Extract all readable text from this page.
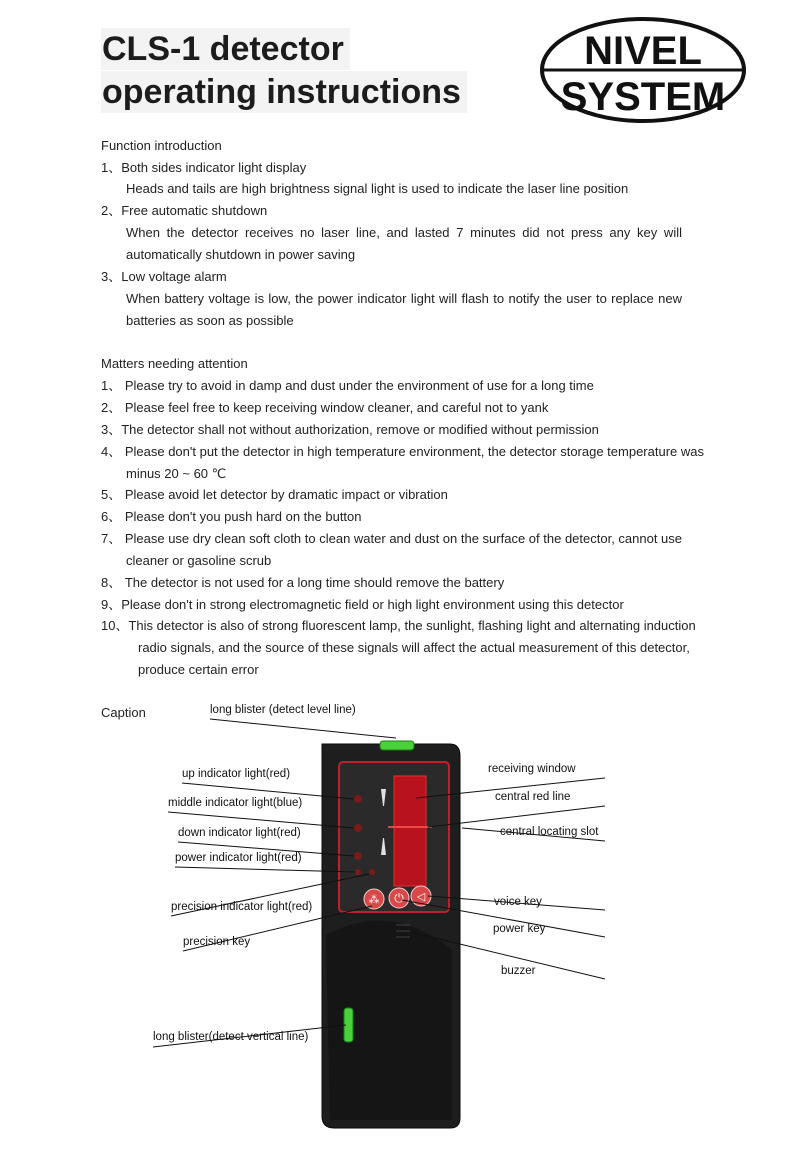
CLS-1 detector
operating instructions
NIVEL
SYSTEM
Function introduction
1、Both sides indicator light display
Heads and tails are high brightness signal light is used to indicate the laser line position
2、Free automatic shutdown
When the detector receives no laser line, and lasted 7 minutes did not press any key will
automatically shutdown in power saving
3、Low voltage alarm
When battery voltage is low, the power indicator light will flash to notify the user to replace new
batteries as soon as possible
Matters needing attention
1、 Please try to avoid in damp and dust under the environment of use for a long time
2、 Please feel free to keep receiving window cleaner, and careful not to yank
3、The detector shall not without authorization, remove or modified without permission
4、 Please don't put the detector in high temperature environment, the detector storage temperature was
minus 20 ~ 60 ℃
5、 Please avoid let detector by dramatic impact or vibration
6、 Please don't you push hard on the button
7、 Please use dry clean soft cloth to clean water and dust on the surface of the detector, cannot use
cleaner or gasoline scrub
8、 The detector is not used for a long time should remove the battery
9、Please don't in strong electromagnetic field or high light environment using this detector
10、This detector is also of strong fluorescent lamp, the sunlight, flashing light and alternating induction
radio signals, and the source of these signals will affect the actual measurement of this detector,
produce certain error
Caption
⁂ ⏻ ◁
long blister (detect level line)
up indicator light(red)
middle indicator light(blue)
down indicator light(red)
power indicator light(red)
precision indicator light(red)
precision key
long blister(detect vertical line)
receiving window
central red line
central locating slot
voice key
power key
buzzer
